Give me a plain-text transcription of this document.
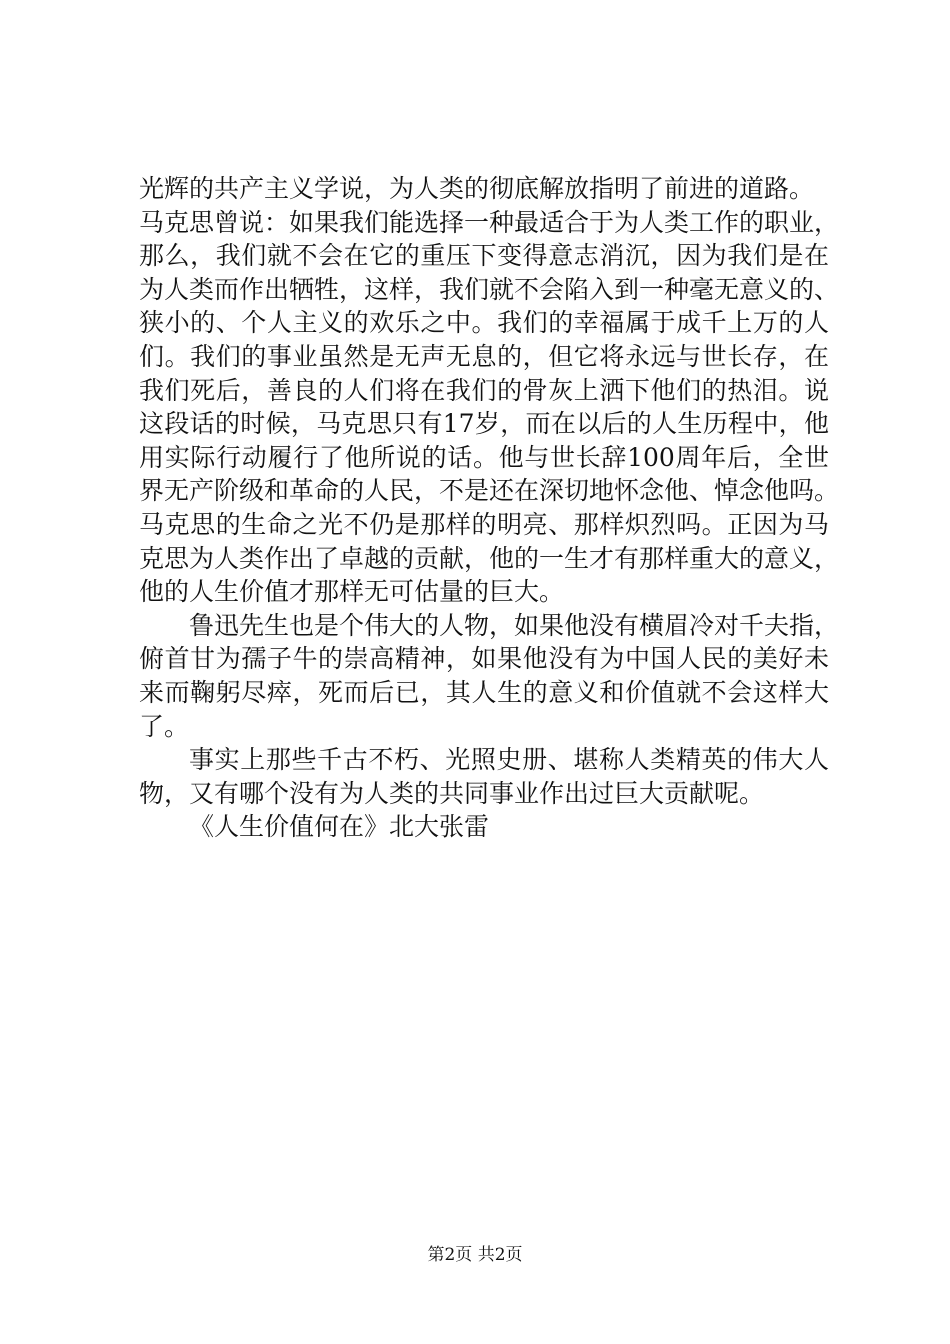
光辉的共产主义学说，为人类的彻底解放指明了前进的道路。
马克思曾说：如果我们能选择一种最适合于为人类工作的职业，
那么，我们就不会在它的重压下变得意志消沉，因为我们是在
为人类而作出牺牲，这样，我们就不会陷入到一种毫无意义的、
狭小的、个人主义的欢乐之中。我们的幸福属于成千上万的人
们。我们的事业虽然是无声无息的，但它将永远与世长存，在
我们死后，善良的人们将在我们的骨灰上洒下他们的热泪。说
这段话的时候，马克思只有17岁，而在以后的人生历程中，他
用实际行动履行了他所说的话。他与世长辞100周年后，全世
界无产阶级和革命的人民，不是还在深切地怀念他、悼念他吗。
马克思的生命之光不仍是那样的明亮、那样炽烈吗。正因为马
克思为人类作出了卓越的贡献，他的一生才有那样重大的意义，
他的人生价值才那样无可估量的巨大。
鲁迅先生也是个伟大的人物，如果他没有横眉冷对千夫指，
俯首甘为孺子牛的崇高精神，如果他没有为中国人民的美好未
来而鞠躬尽瘁，死而后已，其人生的意义和价值就不会这样大
了。
事实上那些千古不朽、光照史册、堪称人类精英的伟大人
物，又有哪个没有为人类的共同事业作出过巨大贡献呢。
《人生价值何在》北大张雷
第2页 共2页
